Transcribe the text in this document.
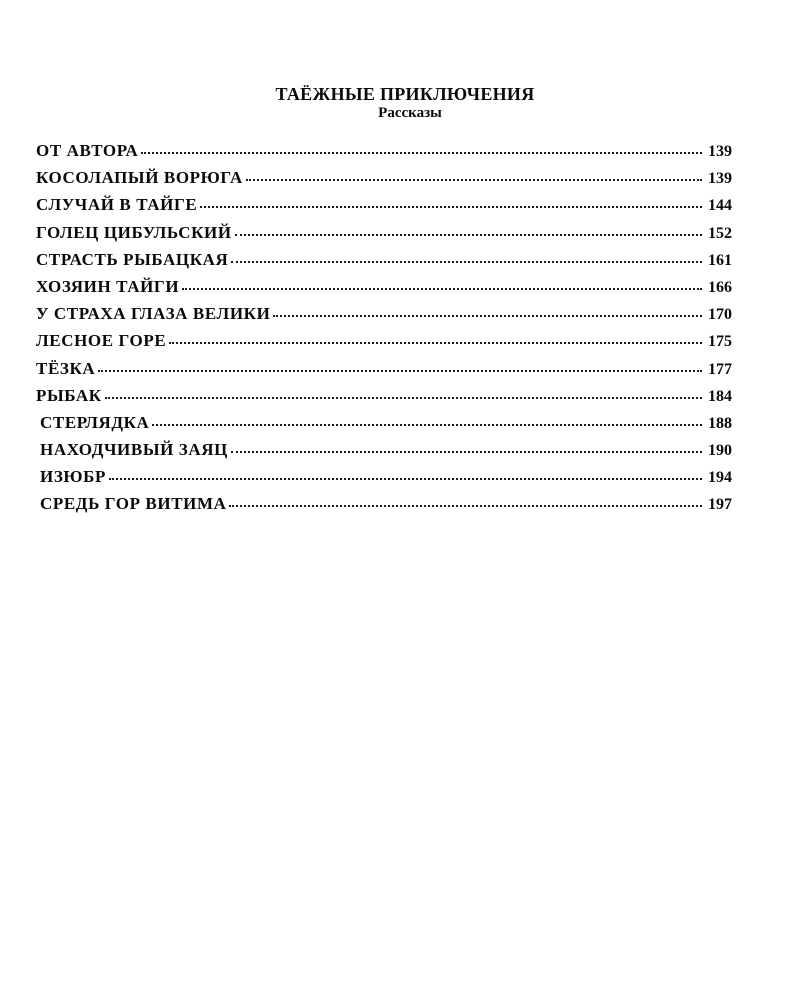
ТАЁЖНЫЕ ПРИКЛЮЧЕНИЯ
Рассказы
ОТ АВТОРА	139
КОСОЛАПЫЙ ВОРЮГА	139
СЛУЧАЙ В ТАЙГЕ	144
ГОЛЕЦ ЦИБУЛЬСКИЙ	152
СТРАСТЬ РЫБАЦКАЯ	161
ХОЗЯИН ТАЙГИ	166
У СТРАХА ГЛАЗА ВЕЛИКИ	170
ЛЕСНОЕ ГОРЕ	175
ТЁЗКА	177
РЫБАК	184
СТЕРЛЯДКА	188
НАХОДЧИВЫЙ ЗАЯЦ	190
ИЗЮБР	194
СРЕДЬ ГОР ВИТИМА	197
